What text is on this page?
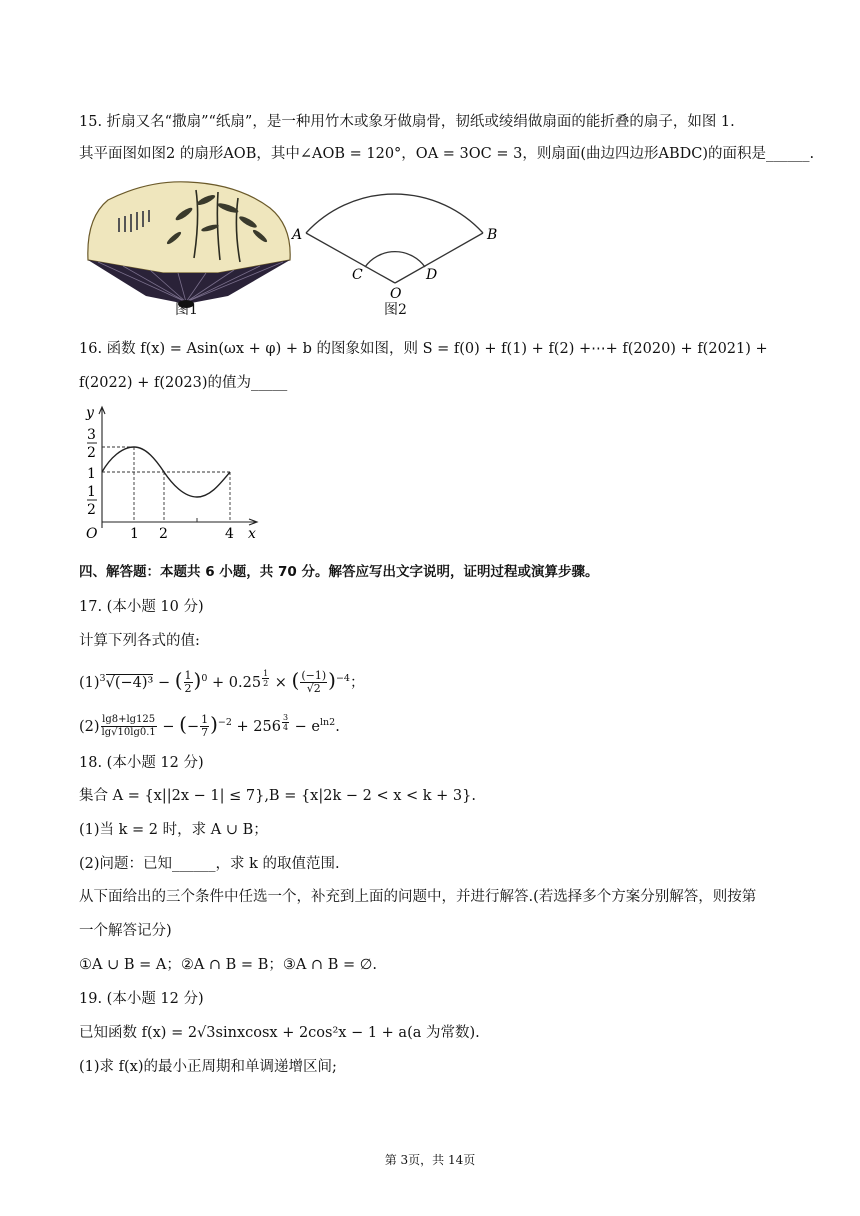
15. 折扇又名“撒扇”“纸扇”，是一种用竹木或象牙做扇骨，韧纸或绫绢做扇面的能折叠的扇子，如图 1.
其平面图如图2 的扇形AOB，其中∠AOB = 120°，OA = 3OC = 3，则扇面(曲边四边形ABDC)的面积是______.
图1
A	B
C	D
O
图2
16. 函数 f(x) = Asin(ωx + φ) + b 的图象如图，则 S = f(0) + f(1) + f(2) +⋯+ f(2020) + f(2021) +
f(2022) + f(2023)的值为_____
y
x
O
3
2
1
1
2
1 2	4
四、解答题：本题共 6 小题，共 70 分。解答应写出文字说明，证明过程或演算步骤。
17. (本小题 10 分)
计算下列各式的值:
$(1)^3√(-4)^3$ − ( $\frac{1}{2} )^0 + 0.25$ $^{\frac{1}{2}}$ × ( $\frac{(-1)}{√2} )^{-4}$；
$(2) \frac{\lg 8+\lg 125}{\lg√10\lg 0.1}$ − (− $\frac{1}{7} )^{-2} + 256$ $^{\frac{3}{4}} - e^{ln2}$.
18. (本小题 12 分)
集合 A = {x||2x − 1| ≤ 7},B = {x|2k − 2 < x < k + 3}.
(1)当 k = 2 时，求 A ∪ B；
(2)问题：已知______，求 k 的取值范围.
从下面给出的三个条件中任选一个，补充到上面的问题中，并进行解答.(若选择多个方案分别解答，则按第
一个解答记分)
①A ∪ B = A；②A ∩ B = B；③A ∩ B = ∅.
19. (本小题 12 分)
已知函数 f(x) = 2√3sinxcosx + 2cos²x − 1 + a(a 为常数).
(1)求 f(x)的最小正周期和单调递增区间;
第 3页，共 14页
